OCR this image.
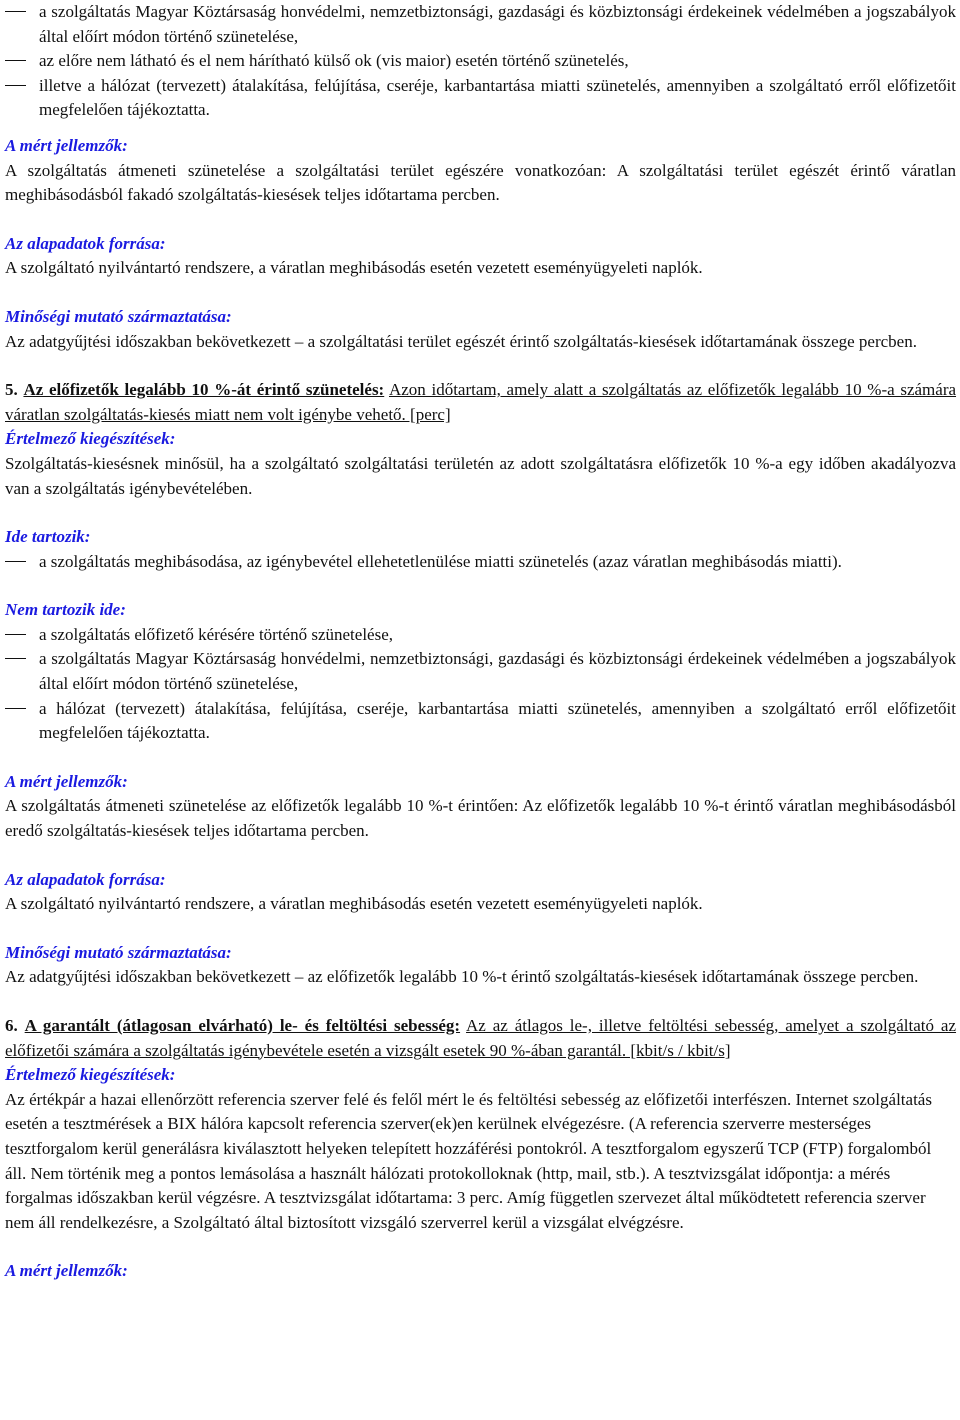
a szolgáltatás Magyar Köztársaság honvédelmi, nemzetbiztonsági, gazdasági és közbiztonsági érdekeinek védelmében a jogszabályok által előírt módon történő szünetelése,
az előre nem látható és el nem hárítható külső ok (vis maior) esetén történő szünetelés,
illetve a hálózat (tervezett) átalakítása, felújítása, cseréje, karbantartása miatti szünetelés, amennyiben a szolgáltató erről előfizetőit megfelelően tájékoztatta.

A mért jellemzők:

A szolgáltatás átmeneti szünetelése a szolgáltatási terület egészére vonatkozóan: A szolgáltatási terület egészét érintő váratlan meghibásodásból fakadó szolgáltatás-kiesések teljes időtartama percben.

Az alapadatok forrása:

A szolgáltató nyilvántartó rendszere, a váratlan meghibásodás esetén vezetett eseményügyeleti naplók.

Minőségi mutató származtatása:

Az adatgyűjtési időszakban bekövetkezett – a szolgáltatási terület egészét érintő szolgáltatás-kiesések időtartamának összege percben.

5. Az előfizetők legalább 10 %-át érintő szünetelés: Azon időtartam, amely alatt a szolgáltatás az előfizetők legalább 10 %-a számára váratlan szolgáltatás-kiesés miatt nem volt igénybe vehető. [perc]

Értelmező kiegészítések:

Szolgáltatás-kiesésnek minősül, ha a szolgáltató szolgáltatási területén az adott szolgáltatásra előfizetők 10 %-a egy időben akadályozva van a szolgáltatás igénybevételében.

Ide tartozik:

a szolgáltatás meghibásodása, az igénybevétel ellehetetlenülése miatti szünetelés (azaz váratlan meghibásodás miatti).

Nem tartozik ide:

a szolgáltatás előfizető kérésére történő szünetelése,
a szolgáltatás Magyar Köztársaság honvédelmi, nemzetbiztonsági, gazdasági és közbiztonsági érdekeinek védelmében a jogszabályok által előírt módon történő szünetelése,
a hálózat (tervezett) átalakítása, felújítása, cseréje, karbantartása miatti szünetelés, amennyiben a szolgáltató erről előfizetőit megfelelően tájékoztatta.

A mért jellemzők:

A szolgáltatás átmeneti szünetelése az előfizetők legalább 10 %-t érintően: Az előfizetők legalább 10 %-t érintő váratlan meghibásodásból eredő szolgáltatás-kiesések teljes időtartama percben.

Az alapadatok forrása:

A szolgáltató nyilvántartó rendszere, a váratlan meghibásodás esetén vezetett eseményügyeleti naplók.

Minőségi mutató származtatása:

Az adatgyűjtési időszakban bekövetkezett – az előfizetők legalább 10 %-t érintő szolgáltatás-kiesések időtartamának összege percben.

6. A garantált (átlagosan elvárható) le- és feltöltési sebesség: Az az átlagos le-, illetve feltöltési sebesség, amelyet a szolgáltató az előfizetői számára a szolgáltatás igénybevétele esetén a vizsgált esetek 90 %-ában garantál. [kbit/s / kbit/s]

Értelmező kiegészítések:

Az értékpár a hazai ellenőrzött referencia szerver felé és felől mért le és feltöltési sebesség az előfizetői interfészen. Internet szolgáltatás esetén a tesztmérések a BIX hálóra kapcsolt referencia szerver(ek)en kerülnek elvégezésre. (A referencia szerverre mesterséges tesztforgalom kerül generálásra kiválasztott helyeken telepített hozzáférési pontokról. A tesztforgalom egyszerű TCP (FTP) forgalomból áll. Nem történik meg a pontos lemásolása a használt hálózati protokolloknak (http, mail, stb.). A tesztvizsgálat időpontja: a mérés forgalmas időszakban kerül végzésre. A tesztvizsgálat időtartama: 3 perc. Amíg független szervezet által működtetett referencia szerver nem áll rendelkezésre, a Szolgáltató által biztosított vizsgáló szerverrel kerül a vizsgálat elvégzésre.

A mért jellemzők:
